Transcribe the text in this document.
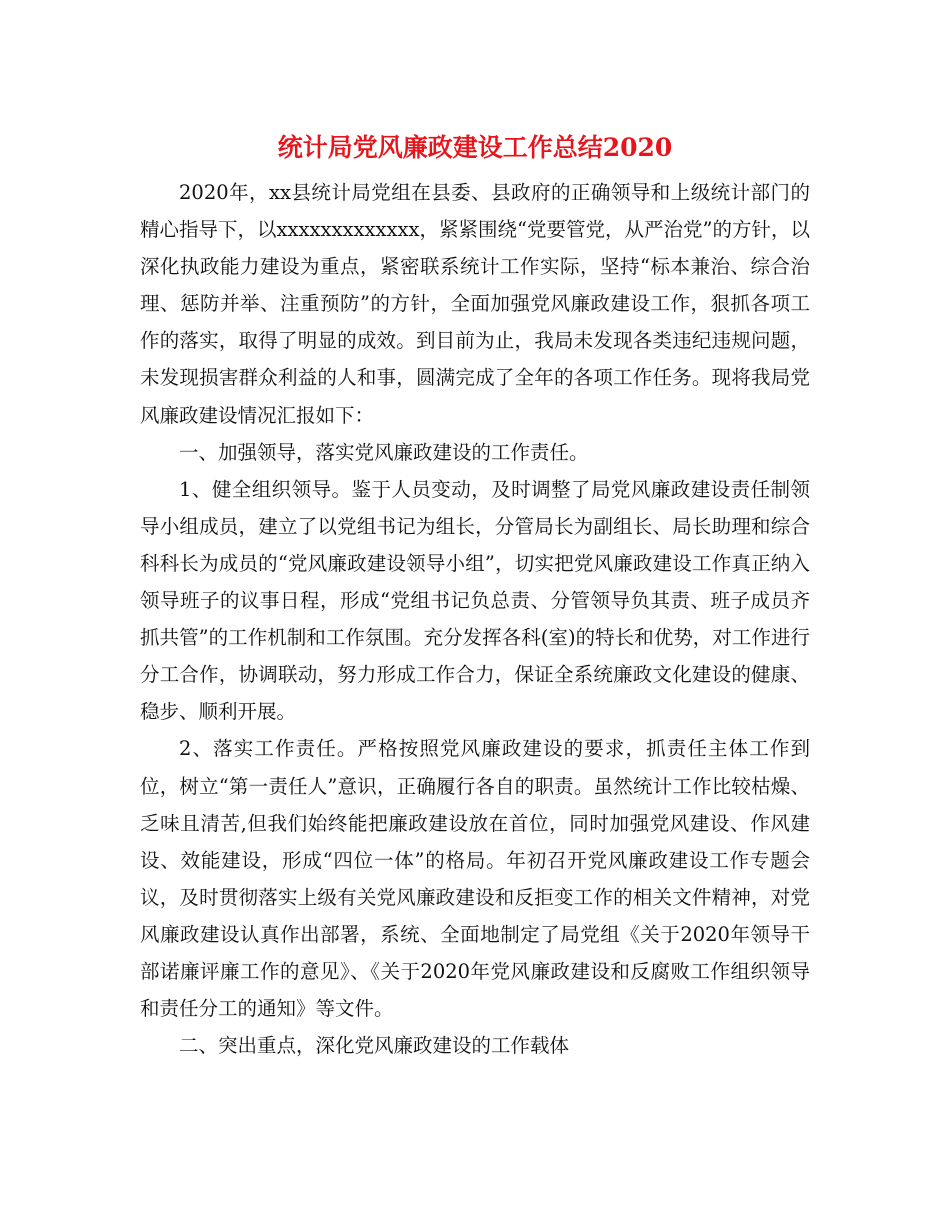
统计局党风廉政建设工作总结2020

2020年，xx县统计局党组在县委、县政府的正确领导和上级统计部门的精心指导下，以xxxxxxxxxxxxx，紧紧围绕“党要管党，从严治党”的方针，以深化执政能力建设为重点，紧密联系统计工作实际，坚持“标本兼治、综合治理、惩防并举、注重预防”的方针，全面加强党风廉政建设工作，狠抓各项工作的落实，取得了明显的成效。到目前为止，我局未发现各类违纪违规问题，未发现损害群众利益的人和事，圆满完成了全年的各项工作任务。现将我局党风廉政建设情况汇报如下：

一、加强领导，落实党风廉政建设的工作责任。

1、健全组织领导。鉴于人员变动，及时调整了局党风廉政建设责任制领导小组成员，建立了以党组书记为组长，分管局长为副组长、局长助理和综合科科长为成员的“党风廉政建设领导小组”，切实把党风廉政建设工作真正纳入领导班子的议事日程，形成“党组书记负总责、分管领导负其责、班子成员齐抓共管”的工作机制和工作氛围。充分发挥各科(室)的特长和优势，对工作进行分工合作，协调联动，努力形成工作合力，保证全系统廉政文化建设的健康、稳步、顺利开展。

2、落实工作责任。严格按照党风廉政建设的要求，抓责任主体工作到位，树立“第一责任人”意识，正确履行各自的职责。虽然统计工作比较枯燥、乏味且清苦,但我们始终能把廉政建设放在首位，同时加强党风建设、作风建设、效能建设，形成“四位一体”的格局。年初召开党风廉政建设工作专题会议，及时贯彻落实上级有关党风廉政建设和反拒变工作的相关文件精神，对党风廉政建设认真作出部署，系统、全面地制定了局党组《关于2020年领导干部诺廉评廉工作的意见》、《关于2020年党风廉政建设和反腐败工作组织领导和责任分工的通知》等文件。

二、突出重点，深化党风廉政建设的工作载体
